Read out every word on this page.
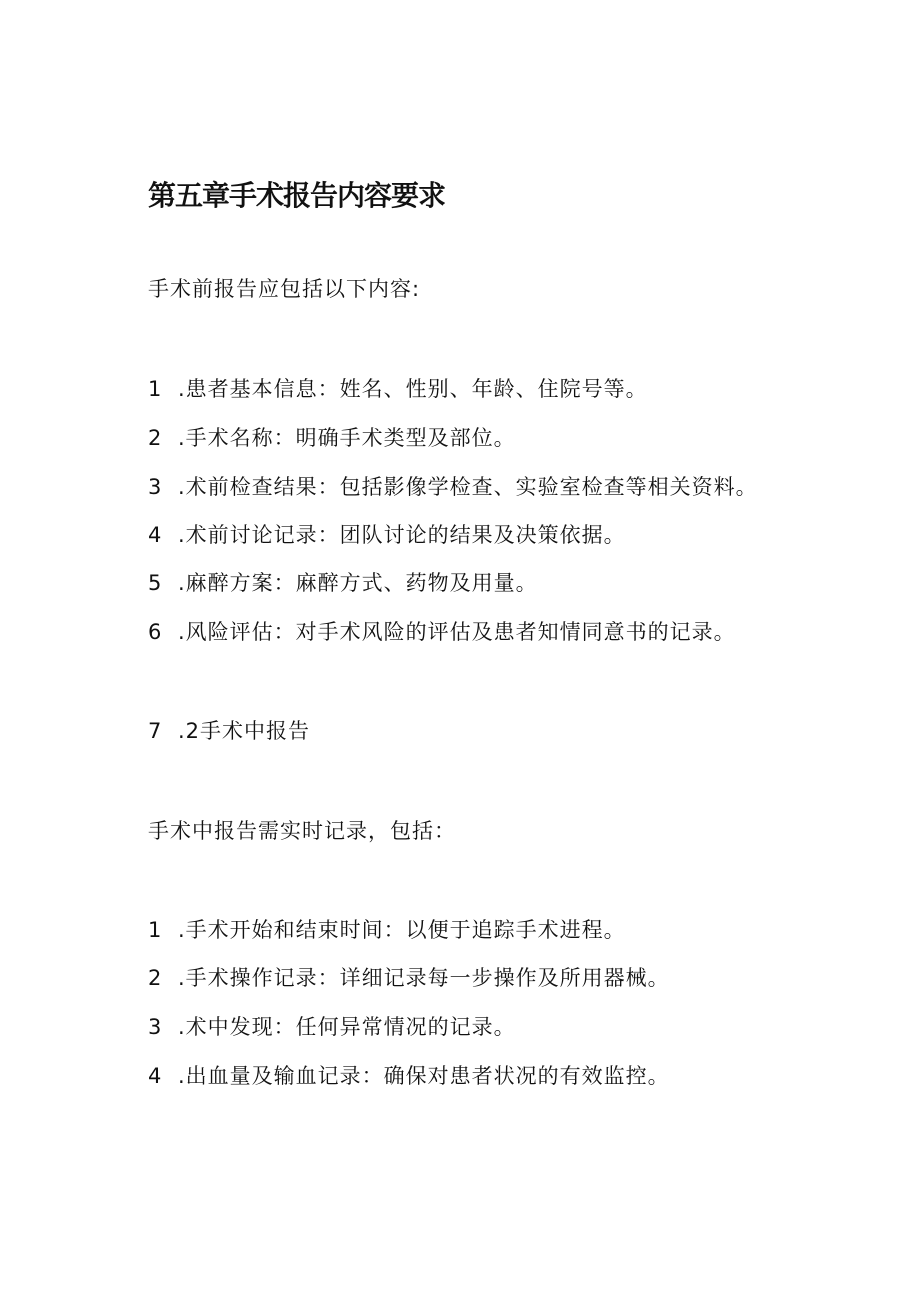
第五章手术报告内容要求

手术前报告应包括以下内容:

1 .患者基本信息：姓名、性别、年龄、住院号等。

2 .手术名称：明确手术类型及部位。

3 .术前检查结果：包括影像学检查、实验室检查等相关资料。

4 .术前讨论记录：团队讨论的结果及决策依据。

5 .麻醉方案：麻醉方式、药物及用量。

6 .风险评估：对手术风险的评估及患者知情同意书的记录。

7 .2手术中报告

手术中报告需实时记录，包括：

1 .手术开始和结束时间：以便于追踪手术进程。

2 .手术操作记录：详细记录每一步操作及所用器械。

3 .术中发现：任何异常情况的记录。

4 .出血量及输血记录：确保对患者状况的有效监控。
